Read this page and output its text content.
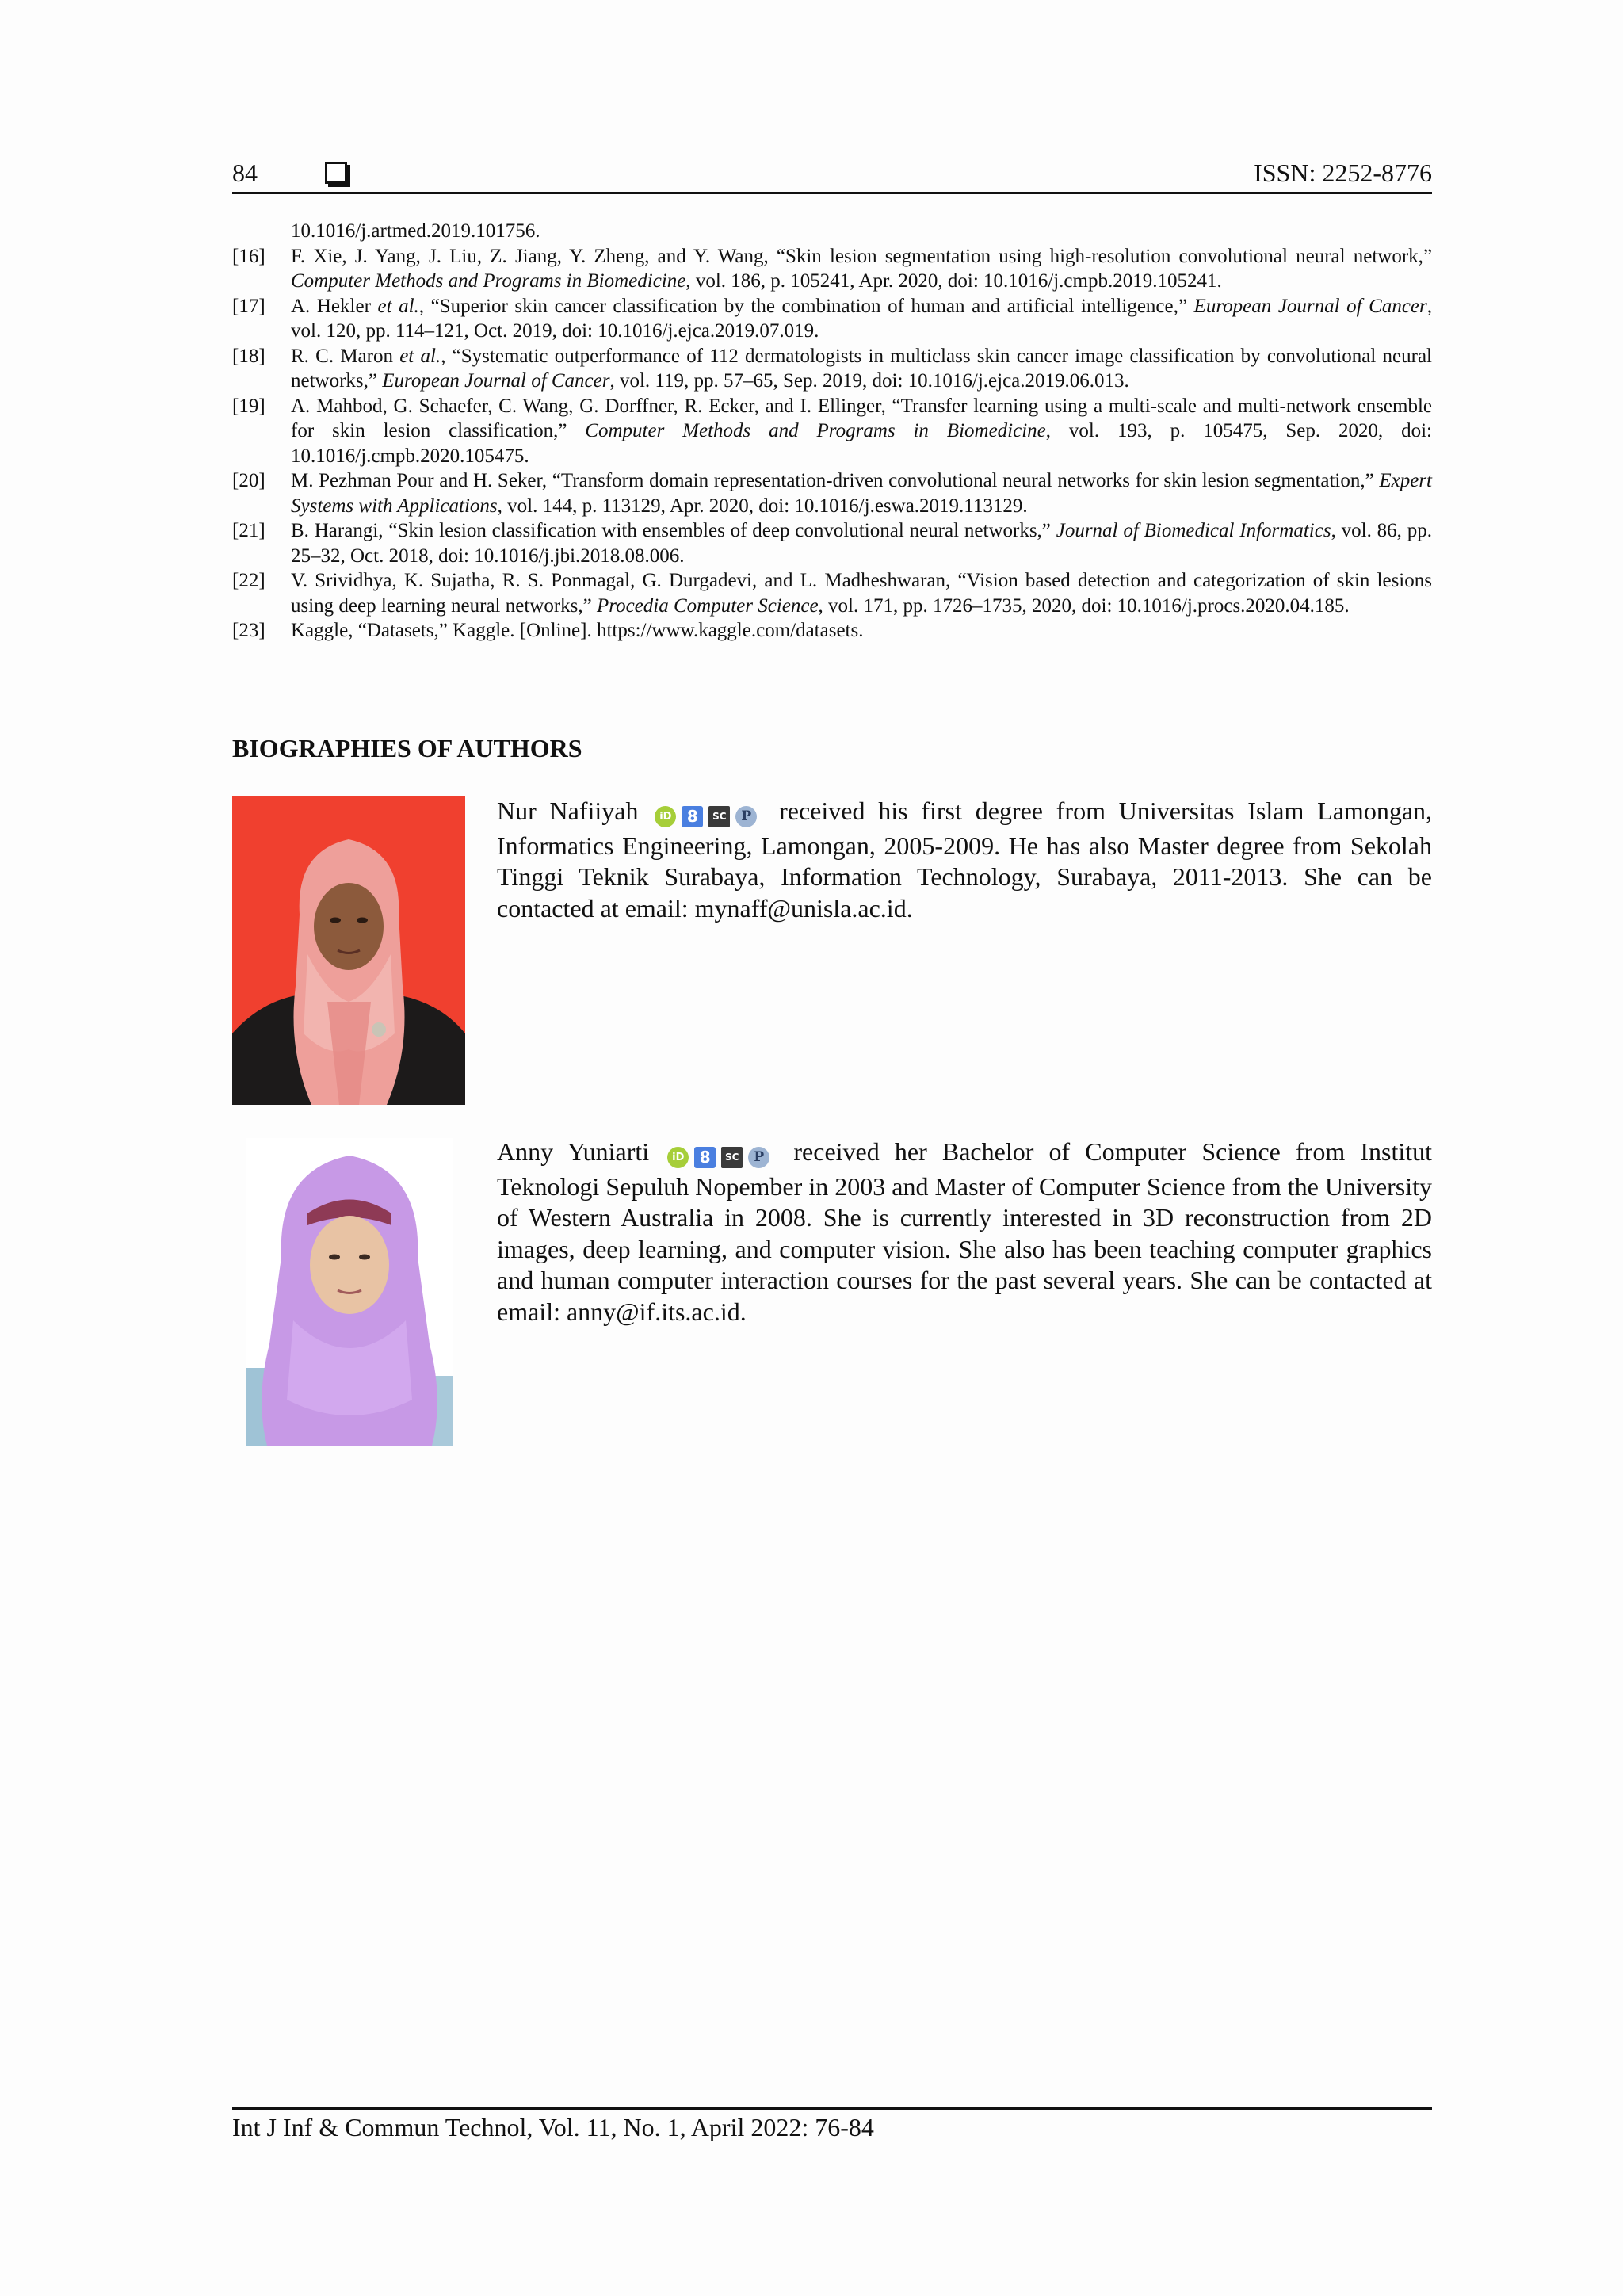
84	ISSN: 2252-8776
10.1016/j.artmed.2019.101756.
[16] F. Xie, J. Yang, J. Liu, Z. Jiang, Y. Zheng, and Y. Wang, “Skin lesion segmentation using high-resolution convolutional neural network,” Computer Methods and Programs in Biomedicine, vol. 186, p. 105241, Apr. 2020, doi: 10.1016/j.cmpb.2019.105241.
[17] A. Hekler et al., “Superior skin cancer classification by the combination of human and artificial intelligence,” European Journal of Cancer, vol. 120, pp. 114–121, Oct. 2019, doi: 10.1016/j.ejca.2019.07.019.
[18] R. C. Maron et al., “Systematic outperformance of 112 dermatologists in multiclass skin cancer image classification by convolutional neural networks,” European Journal of Cancer, vol. 119, pp. 57–65, Sep. 2019, doi: 10.1016/j.ejca.2019.06.013.
[19] A. Mahbod, G. Schaefer, C. Wang, G. Dorffner, R. Ecker, and I. Ellinger, “Transfer learning using a multi-scale and multi-network ensemble for skin lesion classification,” Computer Methods and Programs in Biomedicine, vol. 193, p. 105475, Sep. 2020, doi: 10.1016/j.cmpb.2020.105475.
[20] M. Pezhman Pour and H. Seker, “Transform domain representation-driven convolutional neural networks for skin lesion segmentation,” Expert Systems with Applications, vol. 144, p. 113129, Apr. 2020, doi: 10.1016/j.eswa.2019.113129.
[21] B. Harangi, “Skin lesion classification with ensembles of deep convolutional neural networks,” Journal of Biomedical Informatics, vol. 86, pp. 25–32, Oct. 2018, doi: 10.1016/j.jbi.2018.08.006.
[22] V. Srividhya, K. Sujatha, R. S. Ponmagal, G. Durgadevi, and L. Madheshwaran, “Vision based detection and categorization of skin lesions using deep learning neural networks,” Procedia Computer Science, vol. 171, pp. 1726–1735, 2020, doi: 10.1016/j.procs.2020.04.185.
[23] Kaggle, “Datasets,” Kaggle. [Online]. https://www.kaggle.com/datasets.
BIOGRAPHIES OF AUTHORS
Nur Nafiiyah iD 8 SC P received his first degree from Universitas Islam Lamongan, Informatics Engineering, Lamongan, 2005-2009. He has also Master degree from Sekolah Tinggi Teknik Surabaya, Information Technology, Surabaya, 2011-2013. She can be contacted at email: mynaff@unisla.ac.id.
Anny Yuniarti iD 8 SC P received her Bachelor of Computer Science from Institut Teknologi Sepuluh Nopember in 2003 and Master of Computer Science from the University of Western Australia in 2008. She is currently interested in 3D reconstruction from 2D images, deep learning, and computer vision. She also has been teaching computer graphics and human computer interaction courses for the past several years. She can be contacted at email: anny@if.its.ac.id.
Int J Inf & Commun Technol, Vol. 11, No. 1, April 2022: 76-84
